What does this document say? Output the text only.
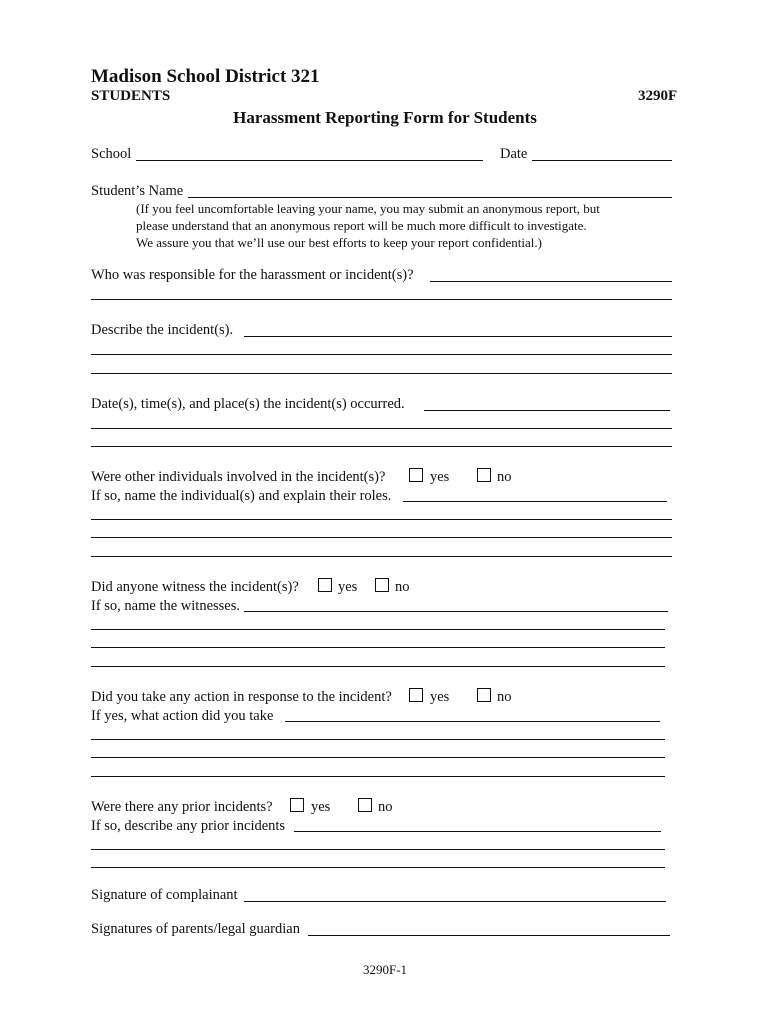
Madison School District 321
STUDENTS	3290F
Harassment Reporting Form for Students
School	Date
Student’s Name
(If you feel uncomfortable leaving your name, you may submit an anonymous report, but
please understand that an anonymous report will be much more difficult to investigate.
We assure you that we’ll use our best efforts to keep your report confidential.)
Who was responsible for the harassment or incident(s)?
Describe the incident(s).
Date(s), time(s), and place(s) the incident(s) occurred.
Were other individuals involved in the incident(s)?	yes	no
If so, name the individual(s) and explain their roles.
Did anyone witness the incident(s)?	yes	no
If so, name the witnesses.
Did you take any action in response to the incident?	yes	no
If yes, what action did you take
Were there any prior incidents?	yes	no
If so, describe any prior incidents
Signature of complainant
Signatures of parents/legal guardian
3290F-1
